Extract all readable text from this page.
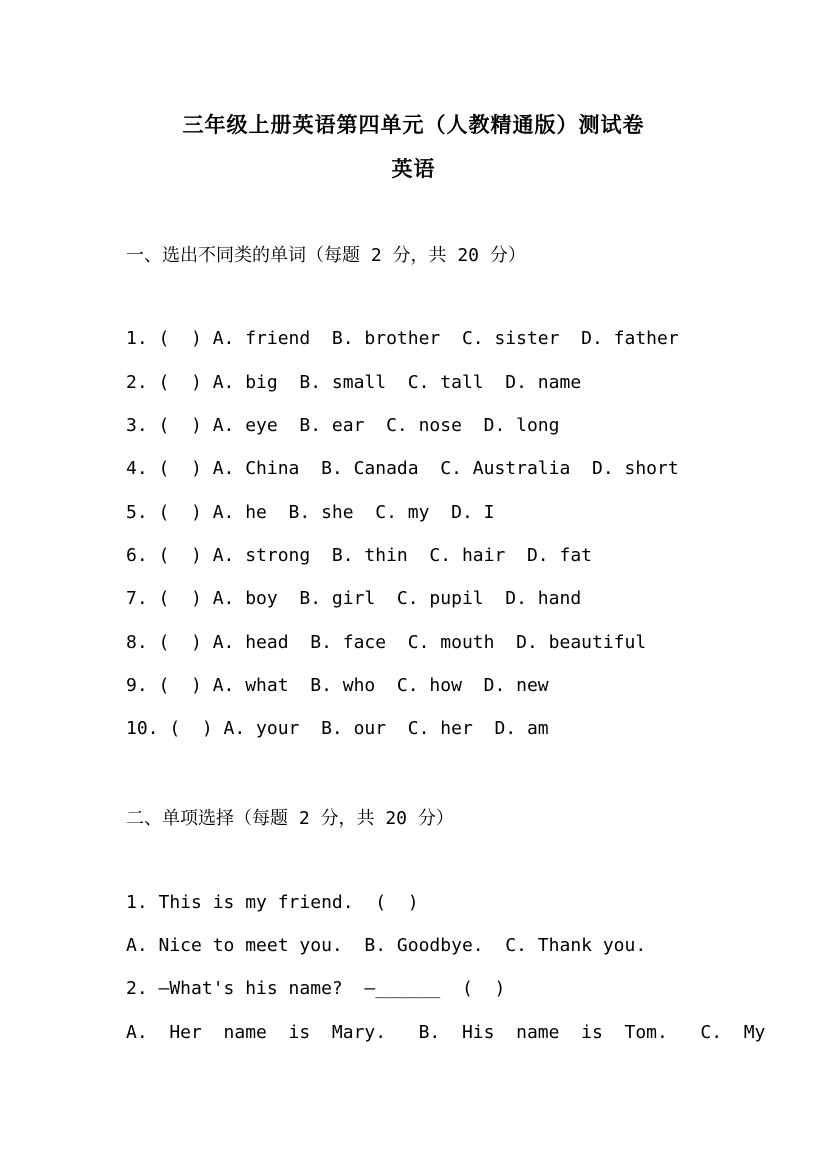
三年级上册英语第四单元（人教精通版）测试卷
英语
一、选出不同类的单词（每题 2 分，共 20 分）
1. (  ) A. friend  B. brother  C. sister  D. father
2. (  ) A. big  B. small  C. tall  D. name
3. (  ) A. eye  B. ear  C. nose  D. long
4. (  ) A. China  B. Canada  C. Australia  D. short
5. (  ) A. he  B. she  C. my  D. I
6. (  ) A. strong  B. thin  C. hair  D. fat
7. (  ) A. boy  B. girl  C. pupil  D. hand
8. (  ) A. head  B. face  C. mouth  D. beautiful
9. (  ) A. what  B. who  C. how  D. new
10. (  ) A. your  B. our  C. her  D. am
二、单项选择（每题 2 分，共 20 分）
1. This is my friend.  (  )
A. Nice to meet you.  B. Goodbye.  C. Thank you.
2. —What's his name?  —______  (  )
A.  Her  name  is  Mary.   B.  His  name  is  Tom.   C.  My
